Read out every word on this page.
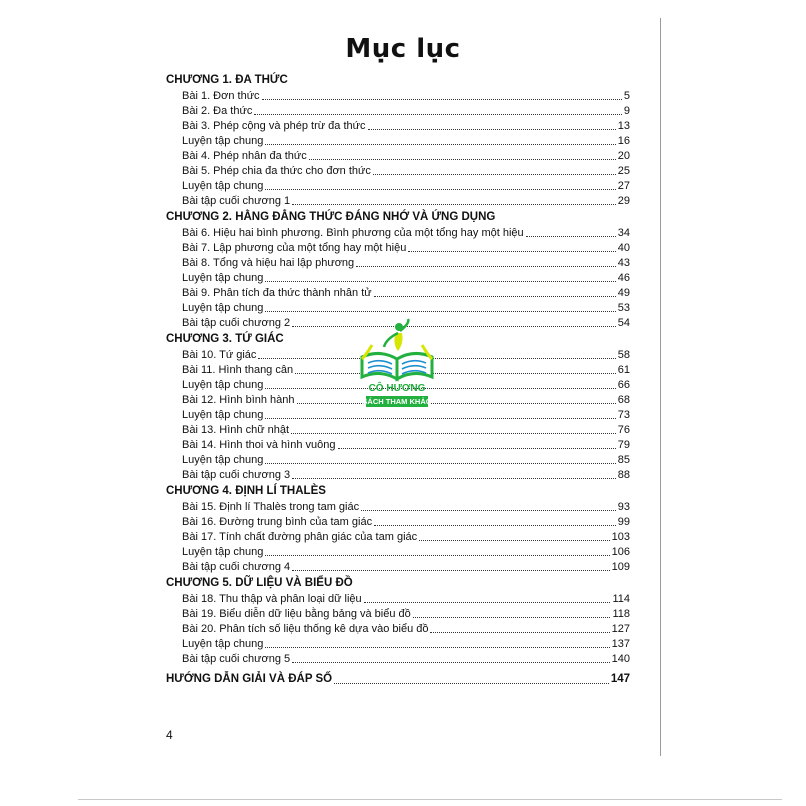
Mục lục
CHƯƠNG 1. ĐA THỨC
Bài 1. Đơn thức	5
Bài 2. Đa thức	9
Bài 3. Phép cộng và phép trừ đa thức	13
Luyện tập chung	16
Bài 4. Phép nhân đa thức	20
Bài 5. Phép chia đa thức cho đơn thức	25
Luyện tập chung	27
Bài tập cuối chương 1	29
CHƯƠNG 2. HẰNG ĐẲNG THỨC ĐÁNG NHỚ VÀ ỨNG DỤNG
Bài 6. Hiệu hai bình phương. Bình phương của một tổng hay một hiệu	34
Bài 7. Lập phương của một tổng hay một hiệu	40
Bài 8. Tổng và hiệu hai lập phương	43
Luyện tập chung	46
Bài 9. Phân tích đa thức thành nhân tử	49
Luyện tập chung	53
Bài tập cuối chương 2	54
CHƯƠNG 3. TỨ GIÁC
Bài 10. Tứ giác	58
Bài 11. Hình thang cân	61
Luyện tập chung	66
Bài 12. Hình bình hành	68
Luyện tập chung	73
Bài 13. Hình chữ nhật	76
Bài 14. Hình thoi và hình vuông	79
Luyện tập chung	85
Bài tập cuối chương 3	88
CHƯƠNG 4. ĐỊNH LÍ THALÈS
Bài 15. Định lí Thalès trong tam giác	93
Bài 16. Đường trung bình của tam giác	99
Bài 17. Tính chất đường phân giác của tam giác	103
Luyện tập chung	106
Bài tập cuối chương 4	109
CHƯƠNG 5. DỮ LIỆU VÀ BIỂU ĐỒ
Bài 18. Thu thập và phân loại dữ liệu	114
Bài 19. Biểu diễn dữ liệu bằng bảng và biểu đồ	118
Bài 20. Phân tích số liệu thống kê dựa vào biểu đồ	127
Luyện tập chung	137
Bài tập cuối chương 5	140
HƯỚNG DẪN GIẢI VÀ ĐÁP SỐ	147
CÔ HƯƠNG
SÁCH THAM KHẢO
4
